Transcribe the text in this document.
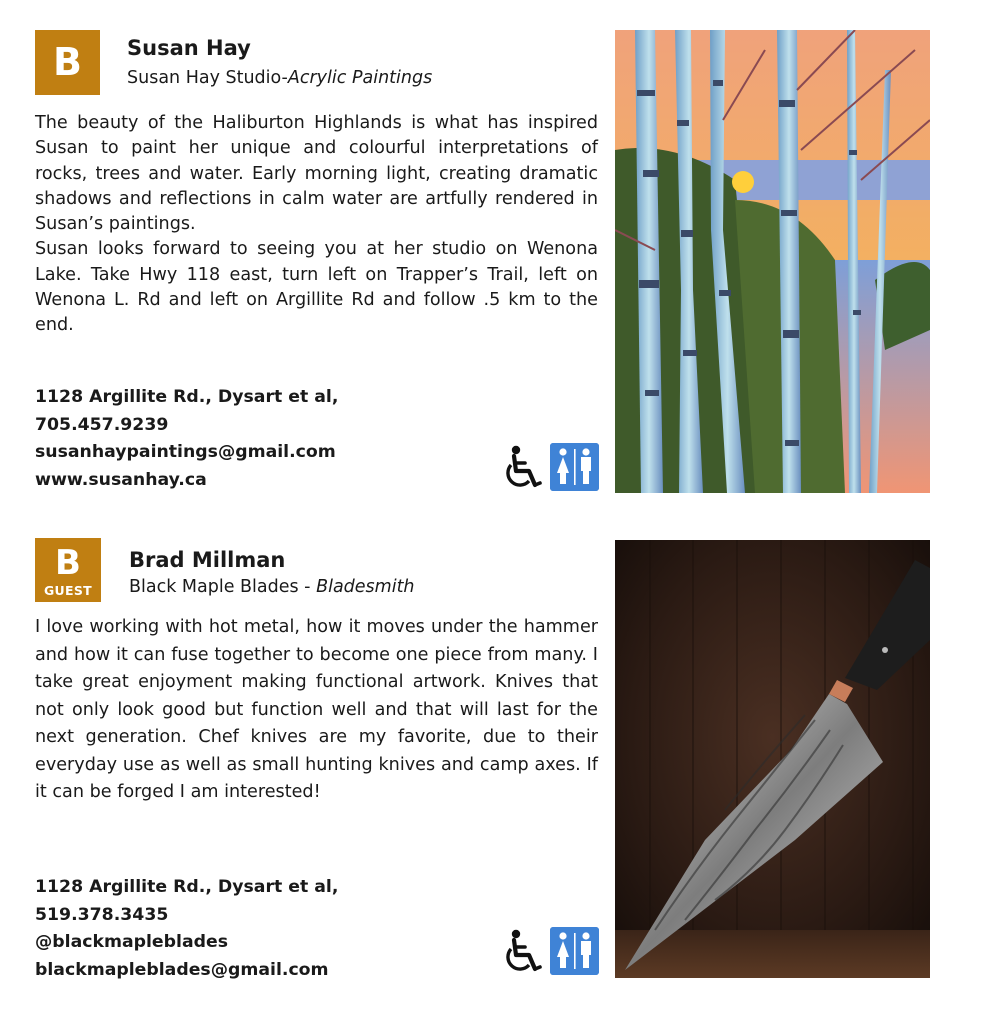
B	Susan Hay
Susan Hay Studio-Acrylic Paintings

The beauty of the Haliburton Highlands is what has inspired Susan to paint her unique and colourful interpretations of rocks, trees and water. Early morning light, creating dramatic shadows and reflections in calm water are artfully rendered in Susan’s paintings.

Susan looks forward to seeing you at her studio on Wenona Lake. Take Hwy 118 east, turn left on Trapper’s Trail, left on Wenona L. Rd and left on Argillite Rd and follow .5 km to the end.

1128 Argillite Rd., Dysart et al,
705.457.9239
susanhaypaintings@gmail.com
www.susanhay.ca
B
GUEST
Brad Millman
Black Maple Blades - Bladesmith

I love working with hot metal, how it moves under the hammer and how it can fuse together to become one piece from many. I take great enjoyment making functional artwork. Knives that not only look good but function well and that will last for the next generation. Chef knives are my favorite, due to their everyday use as well as small hunting knives and camp axes. If it can be forged I am interested!

1128 Argillite Rd., Dysart et al,
519.378.3435
@blackmapleblades
blackmapleblades@gmail.com
